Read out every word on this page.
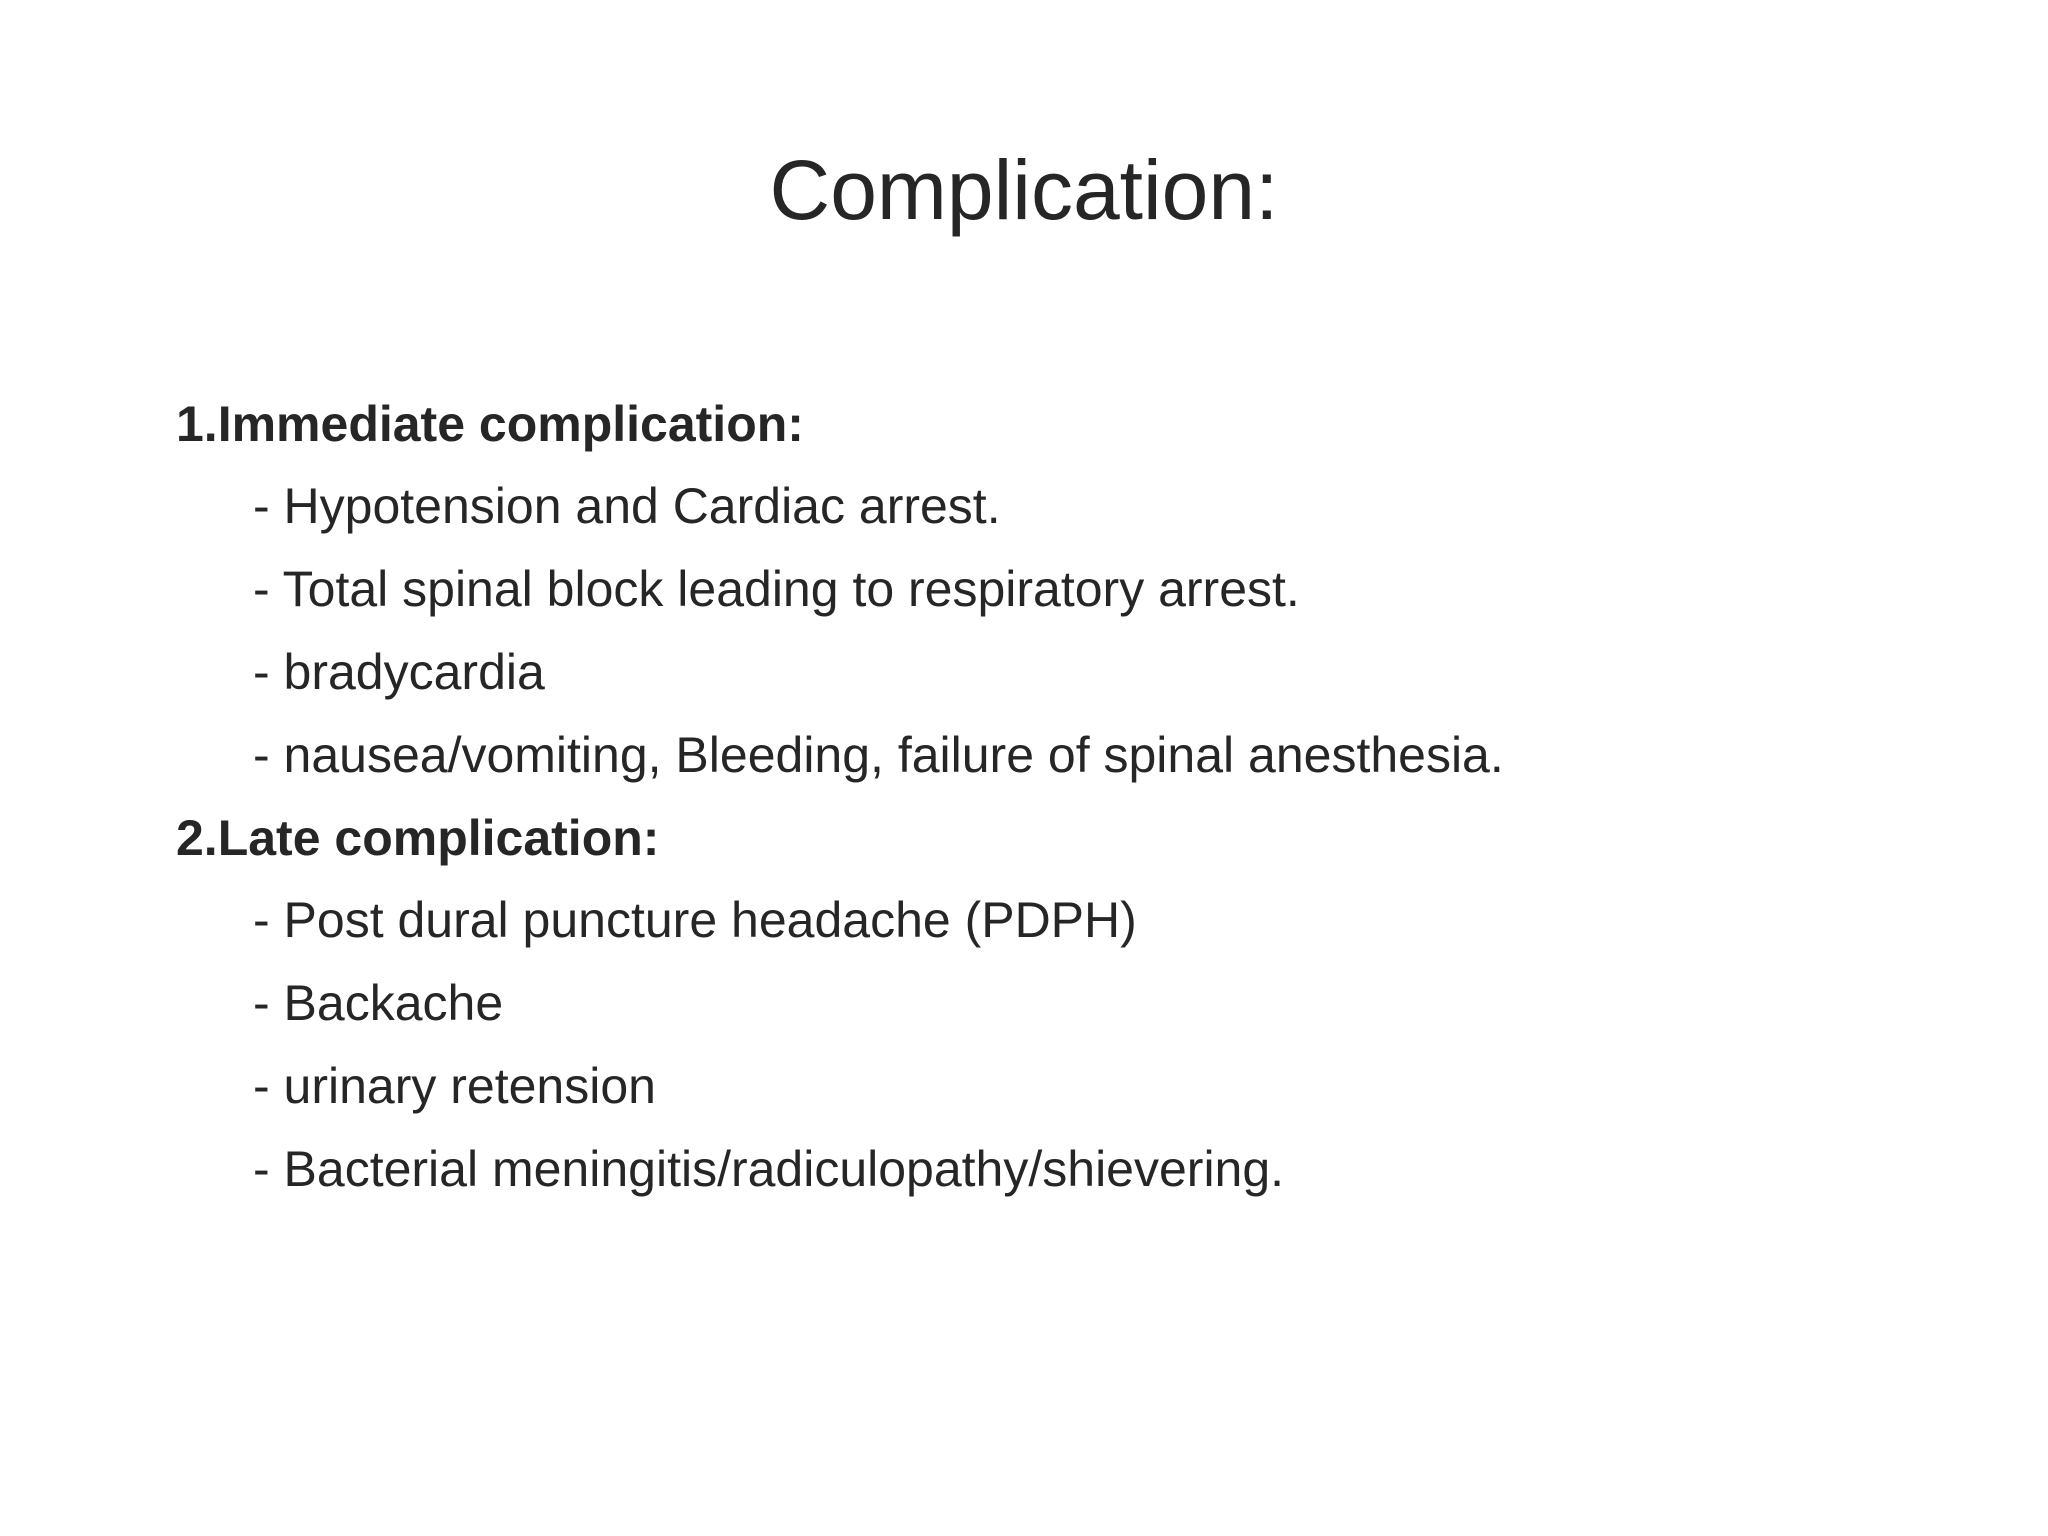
Complication:
1.Immediate complication:
- Hypotension and Cardiac arrest.
- Total spinal block leading to respiratory arrest.
- bradycardia
- nausea/vomiting, Bleeding, failure of spinal anesthesia.
2.Late complication:
- Post dural puncture headache (PDPH)
- Backache
- urinary retension
- Bacterial meningitis/radiculopathy/shievering.
